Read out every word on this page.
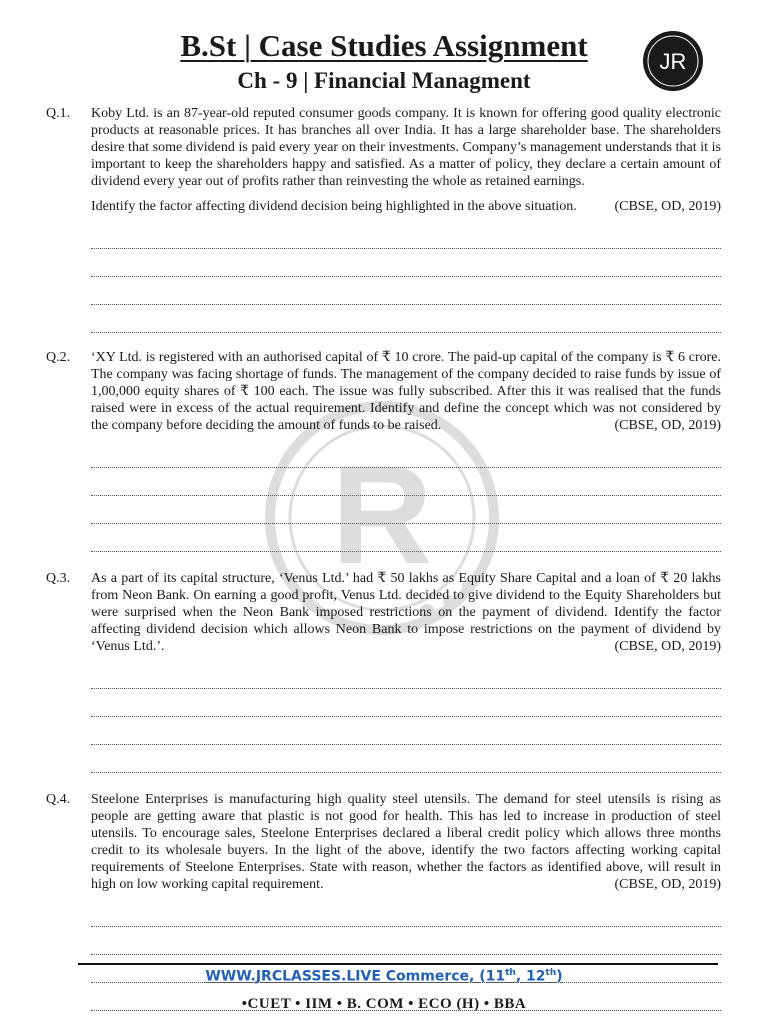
R
B.St | Case Studies Assignment
Ch - 9 | Financial Managment
JR
Q.1.	Koby Ltd. is an 87-year-old reputed consumer goods company. It is known for offering good quality electronic products at reasonable prices. It has branches all over India. It has a large shareholder base. The shareholders desire that some dividend is paid every year on their investments. Company’s management understands that it is important to keep the shareholders happy and satisfied. As a matter of policy, they declare a certain amount of dividend every year out of profits rather than reinvesting the whole as retained earnings.

(CBSE, OD, 2019)
Identify the factor affecting dividend decision being highlighted in the above situation.

Q.2.	‘XY Ltd. is registered with an authorised capital of ₹ 10 crore. The paid-up capital of the company is ₹ 6 crore. The company was facing shortage of funds. The management of the company decided to raise funds by issue of 1,00,000 equity shares of ₹ 100 each. The issue was fully subscribed. After this it was realised that the funds raised were in excess of the actual requirement. Identify and define the concept which was not considered by the company before deciding the amount of funds to be raised.	(CBSE, OD, 2019)

Q.3.	As a part of its capital structure, ‘Venus Ltd.’ had ₹ 50 lakhs as Equity Share Capital and a loan of ₹ 20 lakhs from Neon Bank. On earning a good profit, Venus Ltd. decided to give dividend to the Equity Shareholders but were surprised when the Neon Bank imposed restrictions on the payment of dividend. Identify the factor affecting dividend decision which allows Neon Bank to impose restrictions on the payment of dividend by ‘Venus Ltd.’.	(CBSE, OD, 2019)

Q.4.	Steelone Enterprises is manufacturing high quality steel utensils. The demand for steel utensils is rising as people are getting aware that plastic is not good for health. This has led to increase in production of steel utensils. To encourage sales, Steelone Enterprises declared a liberal credit policy which allows three months credit to its wholesale buyers. In the light of the above, identify the two factors affecting working capital requirements of Steelone Enterprises. State with reason, whether the factors as identified above, will result in high on low working capital requirement.	(CBSE, OD, 2019)

WWW.JRCLASSES.LIVE Commerce, (11th, 12th)
•CUET • IIM • B. COM • ECO (H) • BBA
